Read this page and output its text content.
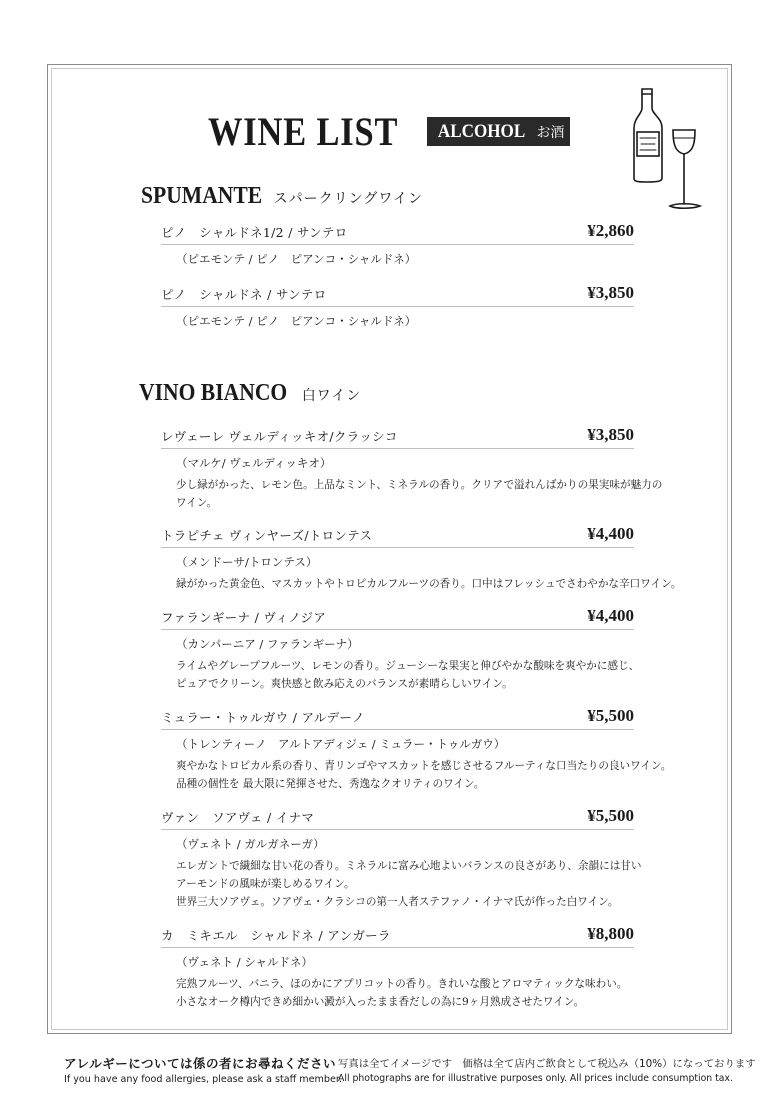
WINE LIST	ALCOHOL お酒
SPUMANTE スパークリングワイン
ピノ　シャルドネ1/2 / サンテロ	¥2,860
（ピエモンテ / ピノ　ピアンコ・シャルドネ）
ピノ　シャルドネ / サンテロ	¥3,850
（ピエモンテ / ピノ　ピアンコ・シャルドネ）
VINO BIANCO 白ワイン
レヴェーレ ヴェルディッキオ/クラッシコ	¥3,850
（マルケ/ ヴェルディッキオ）
少し緑がかった、レモン色。上品なミント、ミネラルの香り。クリアで溢れんばかりの果実味が魅力の
ワイン。
トラピチェ ヴィンヤーズ/トロンテス	¥4,400
（メンドーサ/トロンテス）
緑がかった黄金色、マスカットやトロピカルフルーツの香り。口中はフレッシュでさわやかな辛口ワイン。
ファランギーナ / ヴィノジア	¥4,400
（カンパーニア / ファランギーナ）
ライムやグレープフルーツ、レモンの香り。ジューシーな果実と伸びやかな酸味を爽やかに感じ、
ピュアでクリーン。爽快感と飲み応えのバランスが素晴らしいワイン。
ミュラー・トゥルガウ / アルデーノ	¥5,500
（トレンティーノ　アルトアディジェ / ミュラー・トゥルガウ）
爽やかなトロピカル系の香り、青リンゴやマスカットを感じさせるフルーティな口当たりの良いワイン。
品種の個性を 最大限に発揮させた、秀逸なクオリティのワイン。
ヴァン　ソアヴェ / イナマ	¥5,500
（ヴェネト / ガルガネーガ）
エレガントで繊細な甘い花の香り。ミネラルに富み心地よいバランスの良さがあり、余韻には甘い
アーモンドの風味が楽しめるワイン。
世界三大ソアヴェ。ソアヴェ・クラシコの第一人者ステファノ・イナマ氏が作った白ワイン。
カ　ミキエル　シャルドネ / アンガーラ	¥8,800
（ヴェネト / シャルドネ）
完熟フルーツ、バニラ、ほのかにアプリコットの香り。きれいな酸とアロマティックな味わい。
小さなオーク樽内できめ細かい澱が入ったまま香だしの為に9ヶ月熟成させたワイン。
アレルギーについては係の者にお尋ねください
If you have any food allergies, please ask a staff member.
写真は全てイメージです　価格は全て店内ご飲食として税込み（10%）になっております
All photographs are for illustrative purposes only. All prices include consumption tax.
